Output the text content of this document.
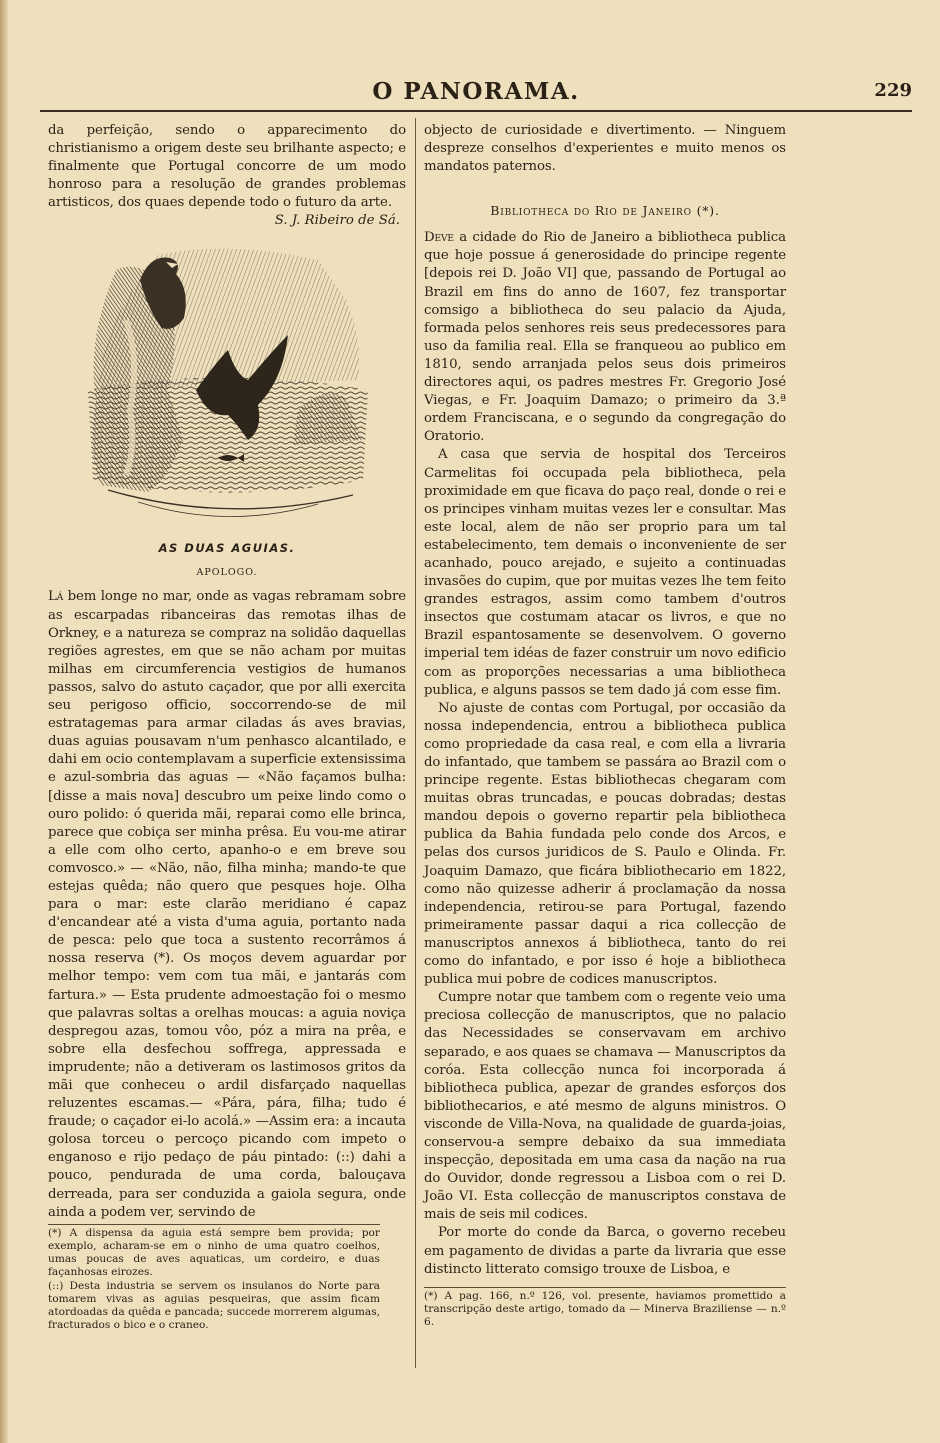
O PANORAMA.	229

da perfeição, sendo o apparecimento do christianismo a origem deste seu brilhante aspecto; e finalmente que Portugal concorre de um modo honroso para a resolução de grandes problemas artisticos, dos quaes depende todo o futuro da arte.

S. J. Ribeiro de Sá.

AS DUAS AGUIAS.

APOLOGO.

Lá bem longe no mar, onde as vagas rebramam sobre as escarpadas ribanceiras das remotas ilhas de Orkney, e a natureza se compraz na solidão daquellas regiões agrestes, em que se não acham por muitas milhas em circumferencia vestigios de humanos passos, salvo do astuto caçador, que por alli exercita seu perigoso officio, soccorrendo-se de mil estratagemas para armar ciladas ás aves bravias, duas aguias pousavam n'um penhasco alcantilado, e dahi em ocio contemplavam a superficie extensissima e azul-sombria das aguas — «Não façamos bulha: [disse a mais nova] descubro um peixe lindo como o ouro polido: ó querida mãi, reparai como elle brinca, parece que cobiça ser minha prêsa. Eu vou-me atirar a elle com olho certo, apanho-o e em breve sou comvosco.» — «Não, não, filha minha; mando-te que estejas quêda; não quero que pesques hoje. Olha para o mar: este clarão meridiano é capaz d'encandear até a vista d'uma aguia, portanto nada de pesca: pelo que toca a sustento recorrâmos á nossa reserva (*). Os moços devem aguardar por melhor tempo: vem com tua mãi, e jantarás com fartura.» — Esta prudente admoestação foi o mesmo que palavras soltas a orelhas moucas: a aguia noviça despregou azas, tomou vôo, póz a mira na prêa, e sobre ella desfechou soffrega, appressada e imprudente; não a detiveram os lastimosos gritos da mãi que conheceu o ardil disfarçado naquellas reluzentes escamas.— «Pára, pára, filha; tudo é fraude; o caçador ei-lo acolá.» —Assim era: a incauta golosa torceu o percoço picando com impeto o enganoso e rijo pedaço de páu pintado: (::) dahi a pouco, pendurada de uma corda, balouçava derreada, para ser conduzida a gaiola segura, onde ainda a podem ver, servindo de

(*) A dispensa da aguia está sempre bem provida; por exemplo, acharam-se em o ninho de uma quatro coelhos, umas poucas de aves aquaticas, um cordeiro, e duas façanhosas eirozes.

(::) Desta industria se servem os insulanos do Norte para tomarem vivas as aguias pesqueiras, que assim ficam atordoadas da quêda e pancada; succede morrerem algumas, fracturados o bico e o craneo.

objecto de curiosidade e divertimento. — Ninguem despreze conselhos d'experientes e muito menos os mandatos paternos.

Bibliotheca do Rio de Janeiro (*).

Deve a cidade do Rio de Janeiro a bibliotheca publica que hoje possue á generosidade do principe regente [depois rei D. João VI] que, passando de Portugal ao Brazil em fins do anno de 1607, fez transportar comsigo a bibliotheca do seu palacio da Ajuda, formada pelos senhores reis seus predecessores para uso da familia real. Ella se franqueou ao publico em 1810, sendo arranjada pelos seus dois primeiros directores aqui, os padres mestres Fr. Gregorio José Viegas, e Fr. Joaquim Damazo; o primeiro da 3.ª ordem Franciscana, e o segundo da congregação do Oratorio.

A casa que servia de hospital dos Terceiros Carmelitas foi occupada pela bibliotheca, pela proximidade em que ficava do paço real, donde o rei e os principes vinham muitas vezes ler e consultar. Mas este local, alem de não ser proprio para um tal estabelecimento, tem demais o inconveniente de ser acanhado, pouco arejado, e sujeito a continuadas invasões do cupim, que por muitas vezes lhe tem feito grandes estragos, assim como tambem d'outros insectos que costumam atacar os livros, e que no Brazil espantosamente se desenvolvem. O governo imperial tem idéas de fazer construir um novo edificio com as proporções necessarias a uma bibliotheca publica, e alguns passos se tem dado já com esse fim.

No ajuste de contas com Portugal, por occasião da nossa independencia, entrou a bibliotheca publica como propriedade da casa real, e com ella a livraria do infantado, que tambem se passára ao Brazil com o principe regente. Estas bibliothecas chegaram com muitas obras truncadas, e poucas dobradas; destas mandou depois o governo repartir pela bibliotheca publica da Bahia fundada pelo conde dos Arcos, e pelas dos cursos juridicos de S. Paulo e Olinda. Fr. Joaquim Damazo, que ficára bibliothecario em 1822, como não quizesse adherir á proclamação da nossa independencia, retirou-se para Portugal, fazendo primeiramente passar daqui a rica collecção de manuscriptos annexos á bibliotheca, tanto do rei como do infantado, e por isso é hoje a bibliotheca publica mui pobre de codices manuscriptos.

Cumpre notar que tambem com o regente veio uma preciosa collecção de manuscriptos, que no palacio das Necessidades se conservavam em archivo separado, e aos quaes se chamava — Manuscriptos da coróa. Esta collecção nunca foi incorporada á bibliotheca publica, apezar de grandes esforços dos bibliothecarios, e até mesmo de alguns ministros. O visconde de Villa-Nova, na qualidade de guarda-joias, conservou-a sempre debaixo da sua immediata inspecção, depositada em uma casa da nação na rua do Ouvidor, donde regressou a Lisboa com o rei D. João VI. Esta collecção de manuscriptos constava de mais de seis mil codices.

Por morte do conde da Barca, o governo recebeu em pagamento de dividas a parte da livraria que esse distincto litterato comsigo trouxe de Lisboa, e

(*) A pag. 166, n.º 126, vol. presente, haviamos promettido a transcripção deste artigo, tomado da — Minerva Braziliense — n.º 6.
